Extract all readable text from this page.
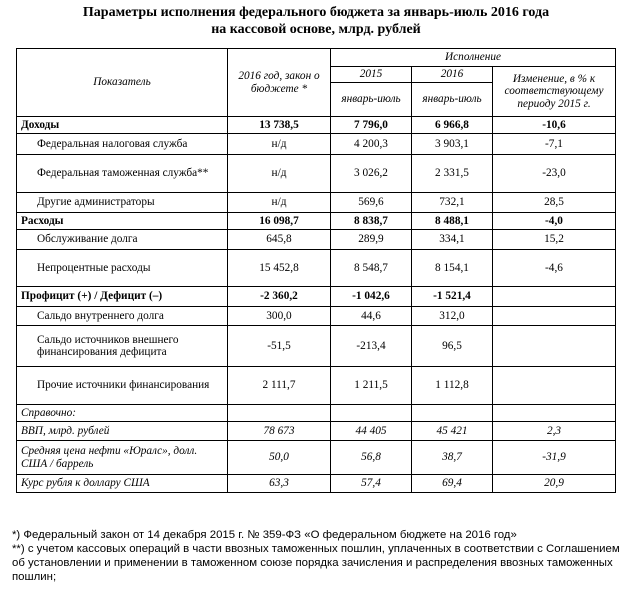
Параметры исполнения федерального бюджета за январь-июль 2016 года
на кассовой основе, млрд. рублей
Показатель	2016 год, закон о бюджете *	Исполнение		
		2015	2016	Изменение, в % к соответствующему периоду 2015 г.
		январь-июль	январь-июль	
Доходы	13 738,5	7 796,0	6 966,8	-10,6
Федеральная налоговая служба	н/д	4 200,3	3 903,1	-7,1
Федеральная таможенная служба**	н/д	3 026,2	2 331,5	-23,0
Другие администраторы	н/д	569,6	732,1	28,5
Расходы	16 098,7	8 838,7	8 488,1	-4,0
Обслуживание долга	645,8	289,9	334,1	15,2
Непроцентные расходы	15 452,8	8 548,7	8 154,1	-4,6
Профицит (+) / Дефицит (–)	-2 360,2	-1 042,6	-1 521,4	
Сальдо внутреннего долга	300,0	44,6	312,0	
Сальдо источников внешнего финансирования дефицита	-51,5	-213,4	96,5	
Прочие источники финансирования	2 111,7	1 211,5	1 112,8	
Справочно:				
ВВП, млрд. рублей	78 673	44 405	45 421	2,3
Средняя цена нефти «Юралс», долл. США / баррель	50,0	56,8	38,7	-31,9
Курс рубля к доллару США	63,3	57,4	69,4	20,9

*) Федеральный закон от 14 декабря 2015 г. № 359-ФЗ «О федеральном бюджете на 2016 год»

**) с учетом кассовых операций в части ввозных таможенных пошлин, уплаченных в соответствии с Соглашением об установлении и применении в таможенном союзе порядка зачисления и распределения ввозных таможенных пошлин;
